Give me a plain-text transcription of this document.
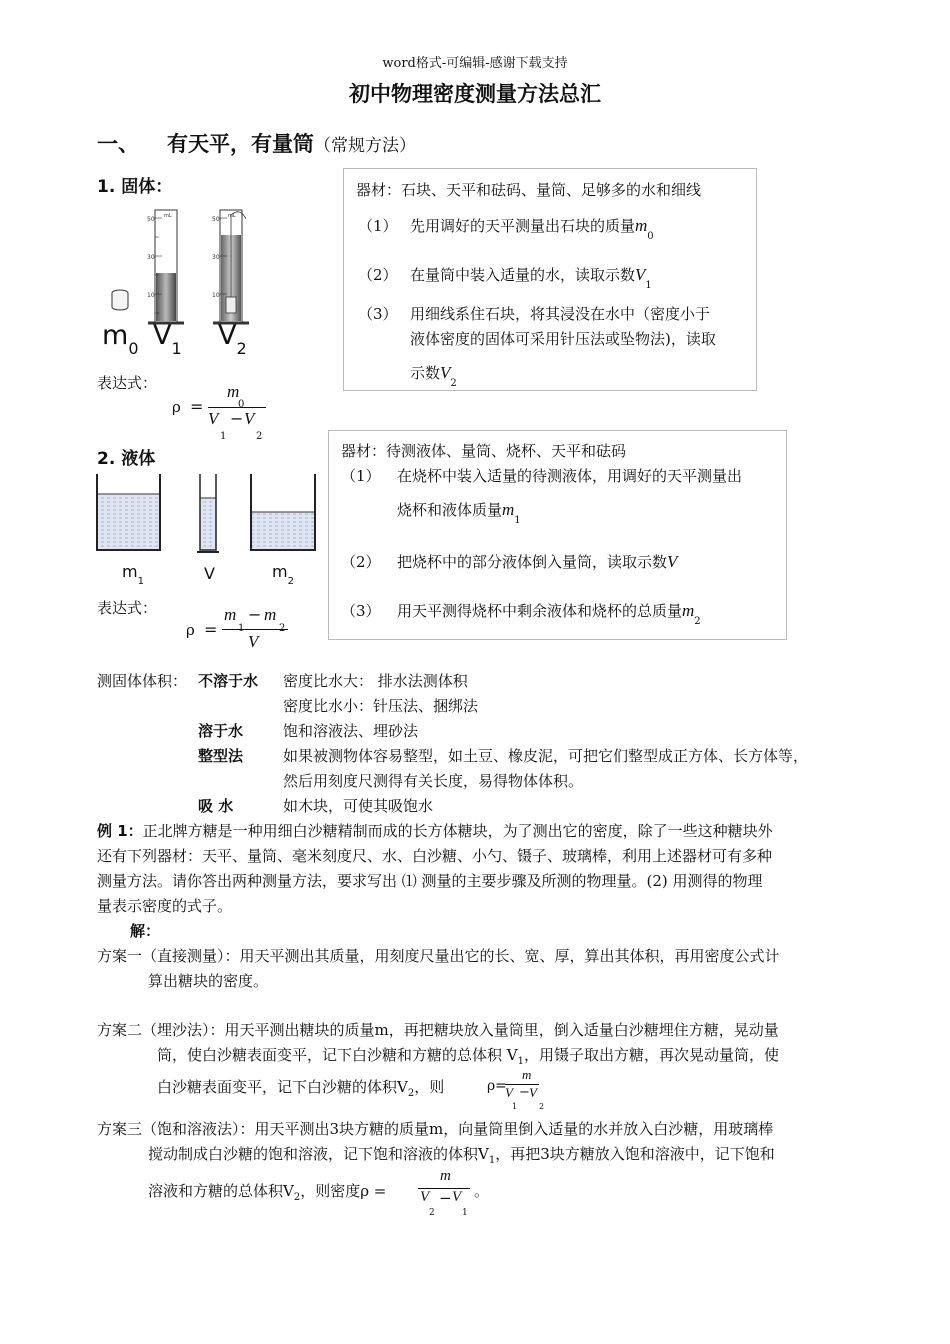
word格式-可编辑-感谢下载支持
初中物理密度测量方法总汇
一、 有天平，有量筒（常规方法）
1. 固体：
50
30
10
mL	50
30
10
mL
$m_0$ $V_1$ $V_2$
表达式：
ρ =
m
0
V
1
− V
2
器材：石块、天平和砝码、量筒、足够多的水和细线
（1） 先用调好的天平测量出石块的质量$m_0$
（2） 在量筒中装入适量的水，读取示数$V_1$
（3） 用细线系住石块，将其浸没在水中（密度小于
液体密度的固体可采用针压法或坠物法)，读取
示数$V_2$
2. 液体
$m_1$	V	$m_2$
表达式：
ρ =
m
1
− m
2
V
器材：待测液体、量筒、烧杯、天平和砝码
（1） 在烧杯中装入适量的待测液体，用调好的天平测量出
烧杯和液体质量$m_1$
（2） 把烧杯中的部分液体倒入量筒，读取示数V
（3） 用天平测得烧杯中剩余液体和烧杯的总质量$m_2$
测固体体积： 不溶于水 密度比水大： 排水法测体积
密度比水小：针压法、捆绑法
溶于水	饱和溶液法、埋砂法
整型法	如果被测物体容易整型，如土豆、橡皮泥，可把它们整型成正方体、长方体等，
然后用刻度尺测得有关长度，易得物体体积。
吸 水	如木块，可使其吸饱水
例 1：正北牌方糖是一种用细白沙糖精制而成的长方体糖块，为了测出它的密度，除了一些这种糖块外
还有下列器材：天平、量筒、毫米刻度尺、水、白沙糖、小勺、镊子、玻璃棒，利用上述器材可有多种
测量方法。请你答出两种测量方法，要求写出 ⑴ 测量的主要步骤及所测的物理量。(2) 用测得的物理
量表示密度的式子。
解：
方案一（直接测量）：用天平测出其质量，用刻度尺量出它的长、宽、厚，算出其体积，再用密度公式计
算出糖块的密度。
方案二（埋沙法）：用天平测出糖块的质量m，再把糖块放入量筒里，倒入适量白沙糖埋住方糖，晃动量
筒，使白沙糖表面变平，记下白沙糖和方糖的总体积 $V_1$，用镊子取出方糖，再次晃动量筒，使
白沙糖表面变平，记下白沙糖的体积$V_2$，则	ρ =
m
V
1
− V
2
方案三（饱和溶液法）：用天平测出3块方糖的质量m，向量筒里倒入适量的水并放入白沙糖，用玻璃棒
搅动制成白沙糖的饱和溶液，记下饱和溶液的体积$V_1$，再把3块方糖放入饱和溶液中，记下饱和
溶液和方糖的总体积$V_2$，则密度ρ =
m
V
2
− V
1
。
